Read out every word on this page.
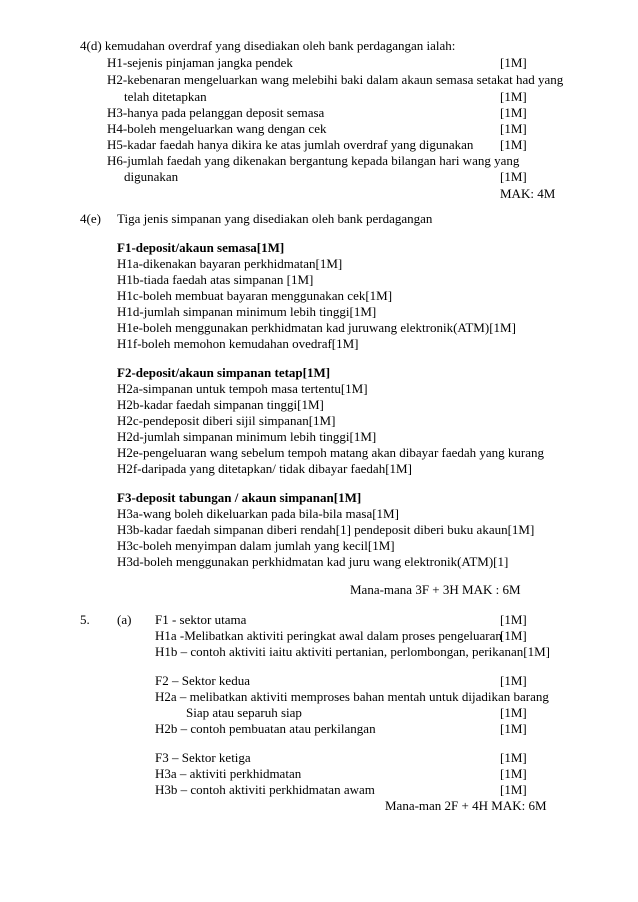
4(d) kemudahan overdraf yang disediakan oleh bank perdagangan ialah:
H1-sejenis pinjaman jangka pendek	[1M]
H2-kebenaran mengeluarkan wang melebihi baki dalam akaun semasa setakat had yang
telah ditetapkan	[1M]
H3-hanya pada pelanggan deposit semasa	[1M]
H4-boleh mengeluarkan wang dengan cek	[1M]
H5-kadar faedah hanya dikira ke atas jumlah overdraf yang digunakan [1M]
H6-jumlah faedah yang dikenakan bergantung kepada bilangan hari wang yang
digunakan	[1M]
MAK: 4M
4(e) Tiga jenis simpanan yang disediakan oleh bank perdagangan
F1-deposit/akaun semasa[1M]
H1a-dikenakan bayaran perkhidmatan[1M]
H1b-tiada faedah atas simpanan [1M]
H1c-boleh membuat bayaran menggunakan cek[1M]
H1d-jumlah simpanan minimum lebih tinggi[1M]
H1e-boleh menggunakan perkhidmatan kad juruwang elektronik(ATM)[1M]
H1f-boleh memohon kemudahan ovedraf[1M]
F2-deposit/akaun simpanan tetap[1M]
H2a-simpanan untuk tempoh masa tertentu[1M]
H2b-kadar faedah simpanan tinggi[1M]
H2c-pendeposit diberi sijil simpanan[1M]
H2d-jumlah simpanan minimum lebih tinggi[1M]
H2e-pengeluaran wang sebelum tempoh matang akan dibayar faedah yang kurang
H2f-daripada yang ditetapkan/ tidak dibayar faedah[1M]
F3-deposit tabungan / akaun simpanan[1M]
H3a-wang boleh dikeluarkan pada bila-bila masa[1M]
H3b-kadar faedah simpanan diberi rendah[1] pendeposit diberi buku akaun[1M]
H3c-boleh menyimpan dalam jumlah yang kecil[1M]
H3d-boleh menggunakan perkhidmatan kad juru wang elektronik(ATM)[1]
Mana-mana 3F + 3H MAK : 6M
5. (a) F1 - sektor utama	[1M]
H1a -Melibatkan aktiviti peringkat awal dalam proses pengeluaran
[1M]
H1b – contoh aktiviti iaitu aktiviti pertanian, perlombongan, perikanan[1M]
F2 – Sektor kedua	[1M]
H2a – melibatkan aktiviti memproses bahan mentah untuk dijadikan barang
Siap atau separuh siap	[1M]
H2b – contoh pembuatan atau perkilangan	[1M]
F3 – Sektor ketiga	[1M]
H3a – aktiviti perkhidmatan	[1M]
H3b – contoh aktiviti perkhidmatan awam	[1M]
Mana-man 2F + 4H MAK: 6M
